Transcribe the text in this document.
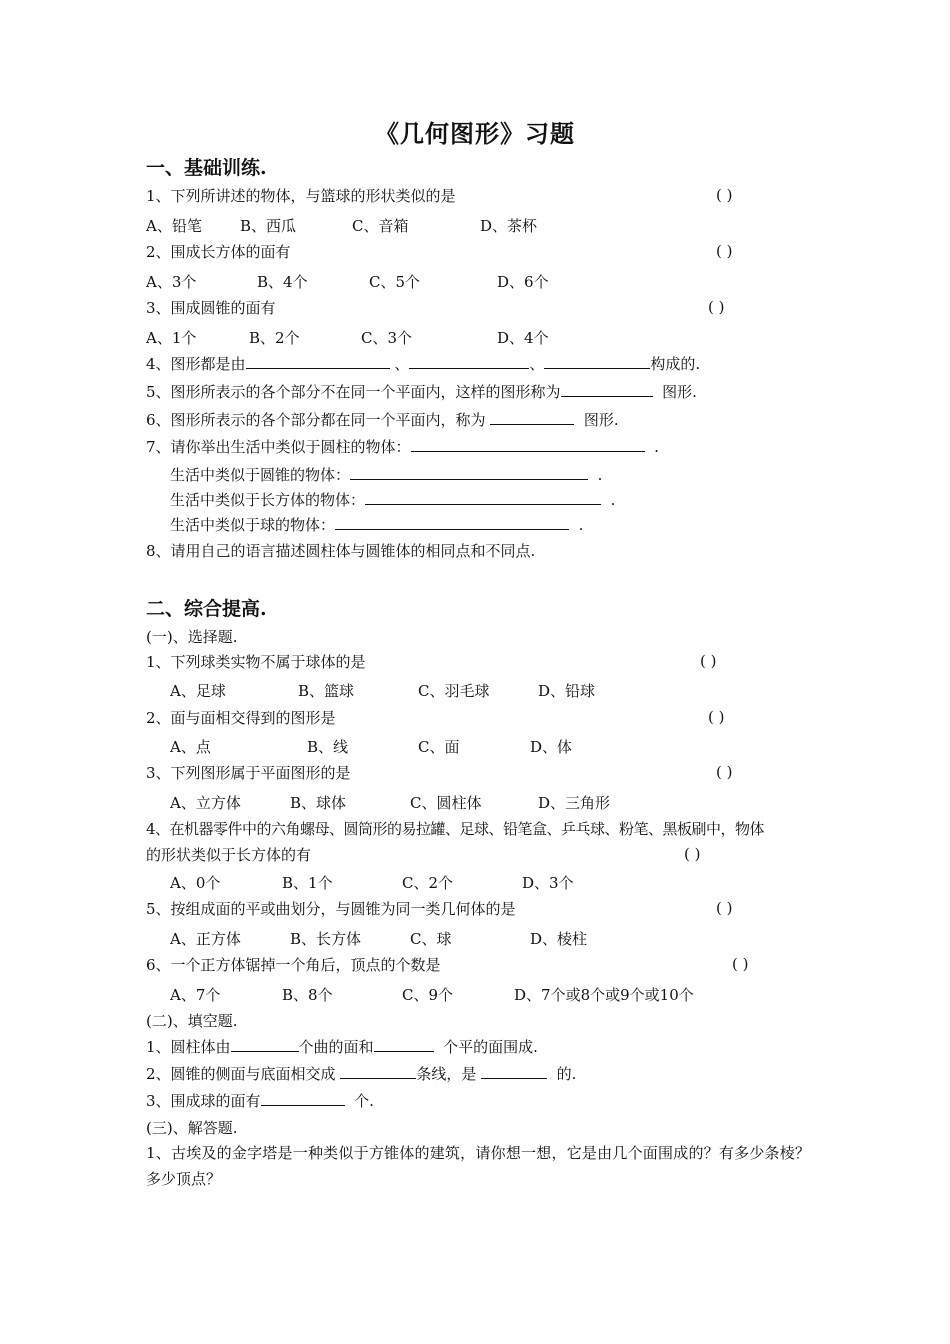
《几何图形》习题
一、基础训练.
1、下列所讲述的物体，与篮球的形状类似的是	( )
A、铅笔	B、西瓜	C、音箱	D、茶杯
2、围成长方体的面有	( )
A、3个	B、4个	C、5个	D、6个
3、围成圆锥的面有	( )
A、1个	B、2个	C、3个	D、4个
4、图形都是由	、	、	构成的.
5、图形所表示的各个部分不在同一个平面内，这样的图形称为	图形.
6、图形所表示的各个部分都在同一个平面内，称为	图形.
7、请你举出生活中类似于圆柱的物体：	.
生活中类似于圆锥的物体：	.
生活中类似于长方体的物体：	.
生活中类似于球的物体：	.
8、请用自己的语言描述圆柱体与圆锥体的相同点和不同点.
二、综合提高.
(一)、选择题.
1、下列球类实物不属于球体的是	( )
A、足球	B、篮球	C、羽毛球	D、铅球
2、面与面相交得到的图形是	( )
A、点	B、线	C、面	D、体
3、下列图形属于平面图形的是	( )
A、立方体	B、球体	C、圆柱体	D、三角形
4、在机器零件中的六角螺母、圆筒形的易拉罐、足球、铅笔盒、乒乓球、粉笔、黑板刷中，物体
的形状类似于长方体的有	( )
A、0个	B、1个	C、2个	D、3个
5、按组成面的平或曲划分，与圆锥为同一类几何体的是	( )
A、正方体	B、长方体	C、球	D、棱柱
6、一个正方体锯掉一个角后，顶点的个数是	( )
A、7个	B、8个	C、9个	D、7个或8个或9个或10个
(二)、填空题.
1、圆柱体由	个曲的面和	个平的面围成.
2、圆锥的侧面与底面相交成	条线，是	的.
3、围成球的面有	个.
(三)、解答题.
1、古埃及的金字塔是一种类似于方锥体的建筑，请你想一想，它是由几个面围成的？有多少条棱？多少顶点？
